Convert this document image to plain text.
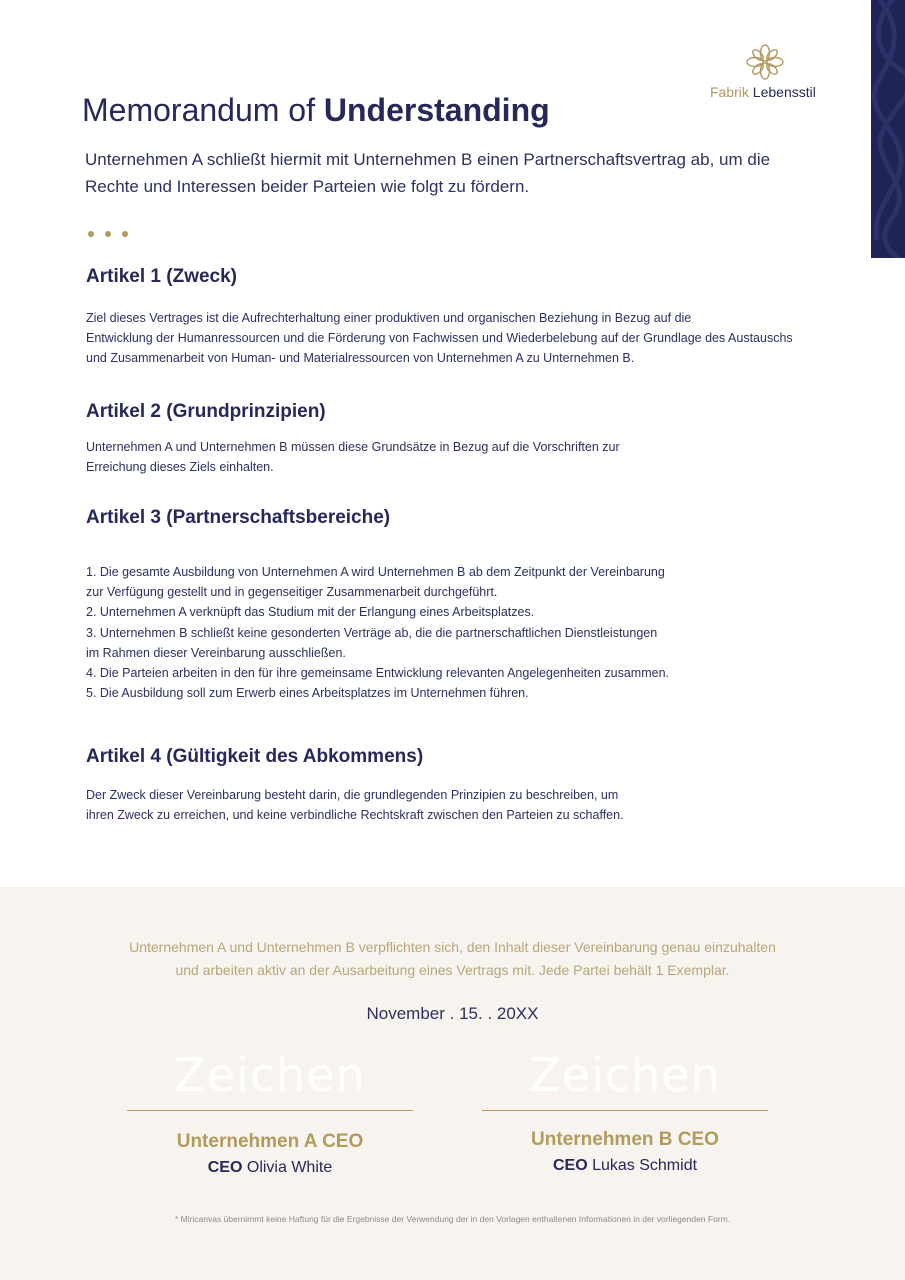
Fabrik Lebensstil
Memorandum of Understanding

Unternehmen A schließt hiermit mit Unternehmen B einen Partnerschaftsvertrag ab, um die Rechte und Interessen beider Parteien wie folgt zu fördern.

Artikel 1 (Zweck)
Ziel dieses Vertrages ist die Aufrechterhaltung einer produktiven und organischen Beziehung in Bezug auf die
Entwicklung der Humanressourcen und die Förderung von Fachwissen und Wiederbelebung auf der Grundlage des Austauschs
und Zusammenarbeit von Human- und Materialressourcen von Unternehmen A zu Unternehmen B.
Artikel 2 (Grundprinzipien)
Unternehmen A und Unternehmen B müssen diese Grundsätze in Bezug auf die Vorschriften zur
Erreichung dieses Ziels einhalten.
Artikel 3 (Partnerschaftsbereiche)
1. Die gesamte Ausbildung von Unternehmen A wird Unternehmen B ab dem Zeitpunkt der Vereinbarung
zur Verfügung gestellt und in gegenseitiger Zusammenarbeit durchgeführt.
2. Unternehmen A verknüpft das Studium mit der Erlangung eines Arbeitsplatzes.
3. Unternehmen B schließt keine gesonderten Verträge ab, die die partnerschaftlichen Dienstleistungen
im Rahmen dieser Vereinbarung ausschließen.
4. Die Parteien arbeiten in den für ihre gemeinsame Entwicklung relevanten Angelegenheiten zusammen.
5. Die Ausbildung soll zum Erwerb eines Arbeitsplatzes im Unternehmen führen.
Artikel 4 (Gültigkeit des Abkommens)
Der Zweck dieser Vereinbarung besteht darin, die grundlegenden Prinzipien zu beschreiben, um
ihren Zweck zu erreichen, und keine verbindliche Rechtskraft zwischen den Parteien zu schaffen.

Unternehmen A und Unternehmen B verpflichten sich, den Inhalt dieser Vereinbarung genau einzuhalten
und arbeiten aktiv an der Ausarbeitung eines Vertrags mit. Jede Partei behält 1 Exemplar.

November . 15. . 20XX
Zeichen
Unternehmen A CEO
CEO Olivia White
Zeichen
Unternehmen B CEO
CEO Lukas Schmidt
* Miricanvas übernimmt keine Haftung für die Ergebnisse der Verwendung der in den Vorlagen enthaltenen Informationen in der vorliegenden Form.
